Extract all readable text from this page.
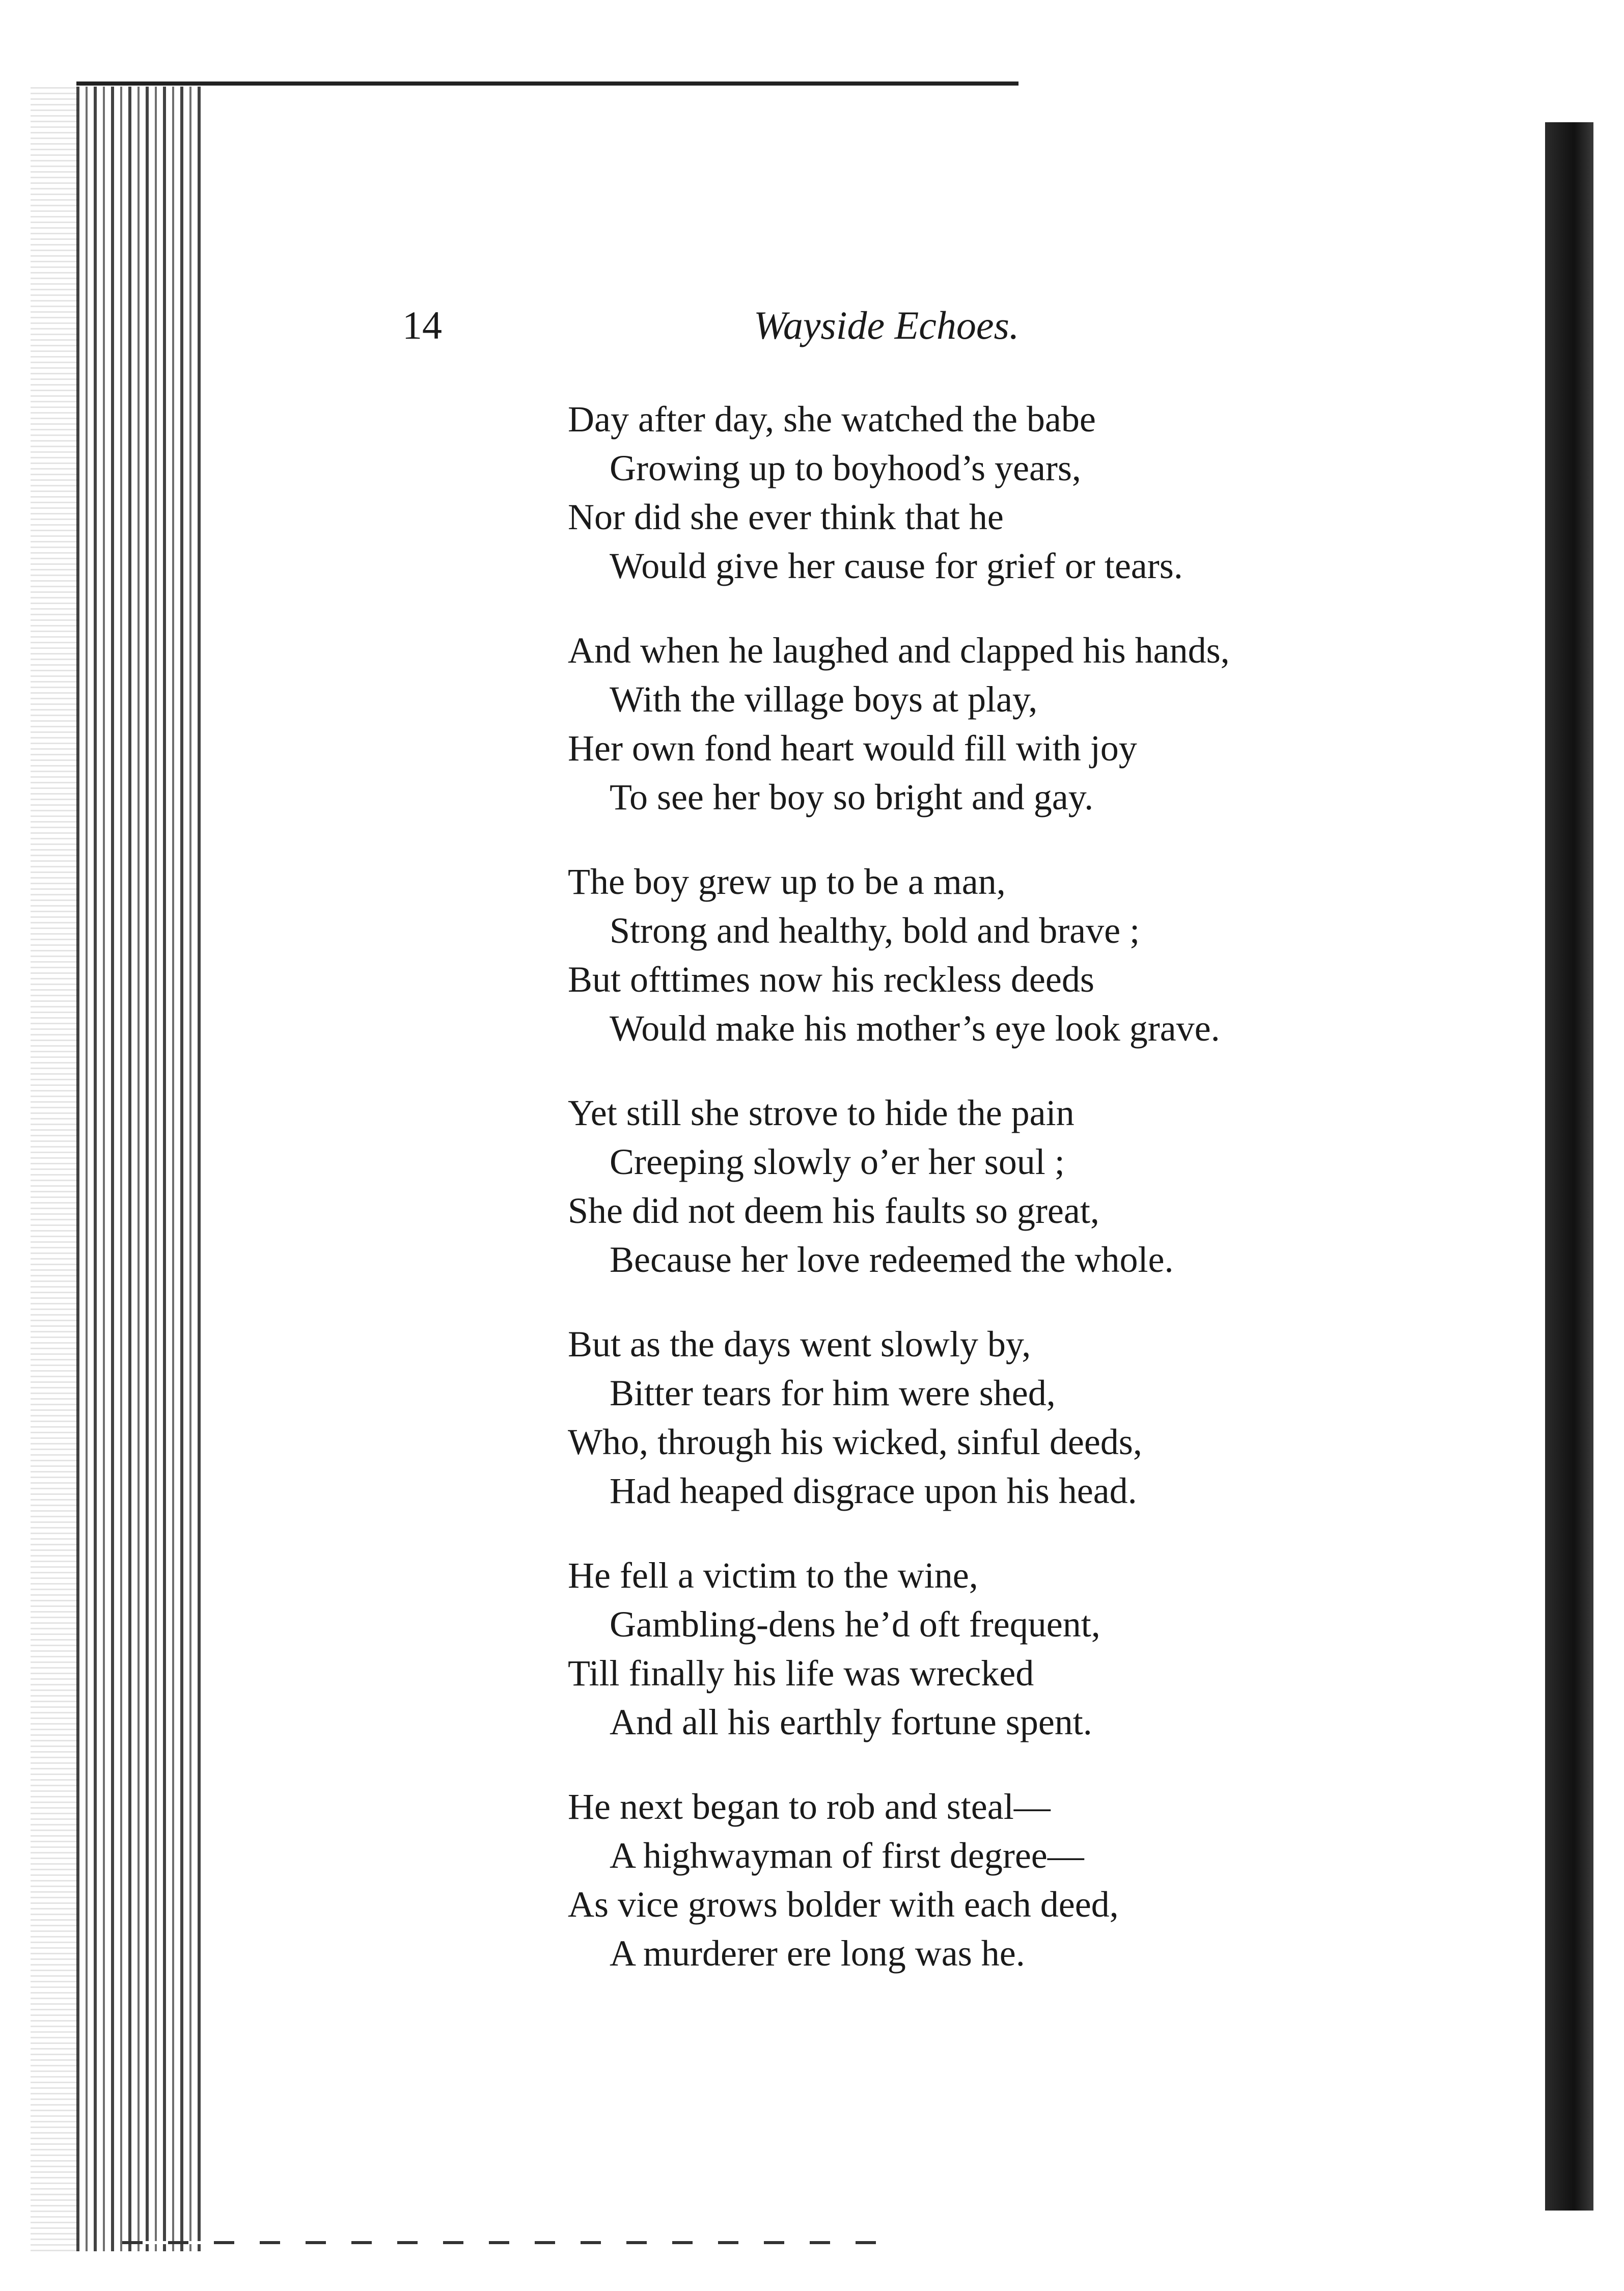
14	Wayside Echoes.
Day after day, she watched the babe
Growing up to boyhood’s years,
Nor did she ever think that he
Would give her cause for grief or tears.
And when he laughed and clapped his hands,
With the village boys at play,
Her own fond heart would fill with joy
To see her boy so bright and gay.
The boy grew up to be a man,
Strong and healthy, bold and brave ;
But ofttimes now his reckless deeds
Would make his mother’s eye look grave.
Yet still she strove to hide the pain
Creeping slowly o’er her soul ;
She did not deem his faults so great,
Because her love redeemed the whole.
But as the days went slowly by,
Bitter tears for him were shed,
Who, through his wicked, sinful deeds,
Had heaped disgrace upon his head.
He fell a victim to the wine,
Gambling-dens he’d oft frequent,
Till finally his life was wrecked
And all his earthly fortune spent.
He next began to rob and steal—
A highwayman of first degree—
As vice grows bolder with each deed,
A murderer ere long was he.
